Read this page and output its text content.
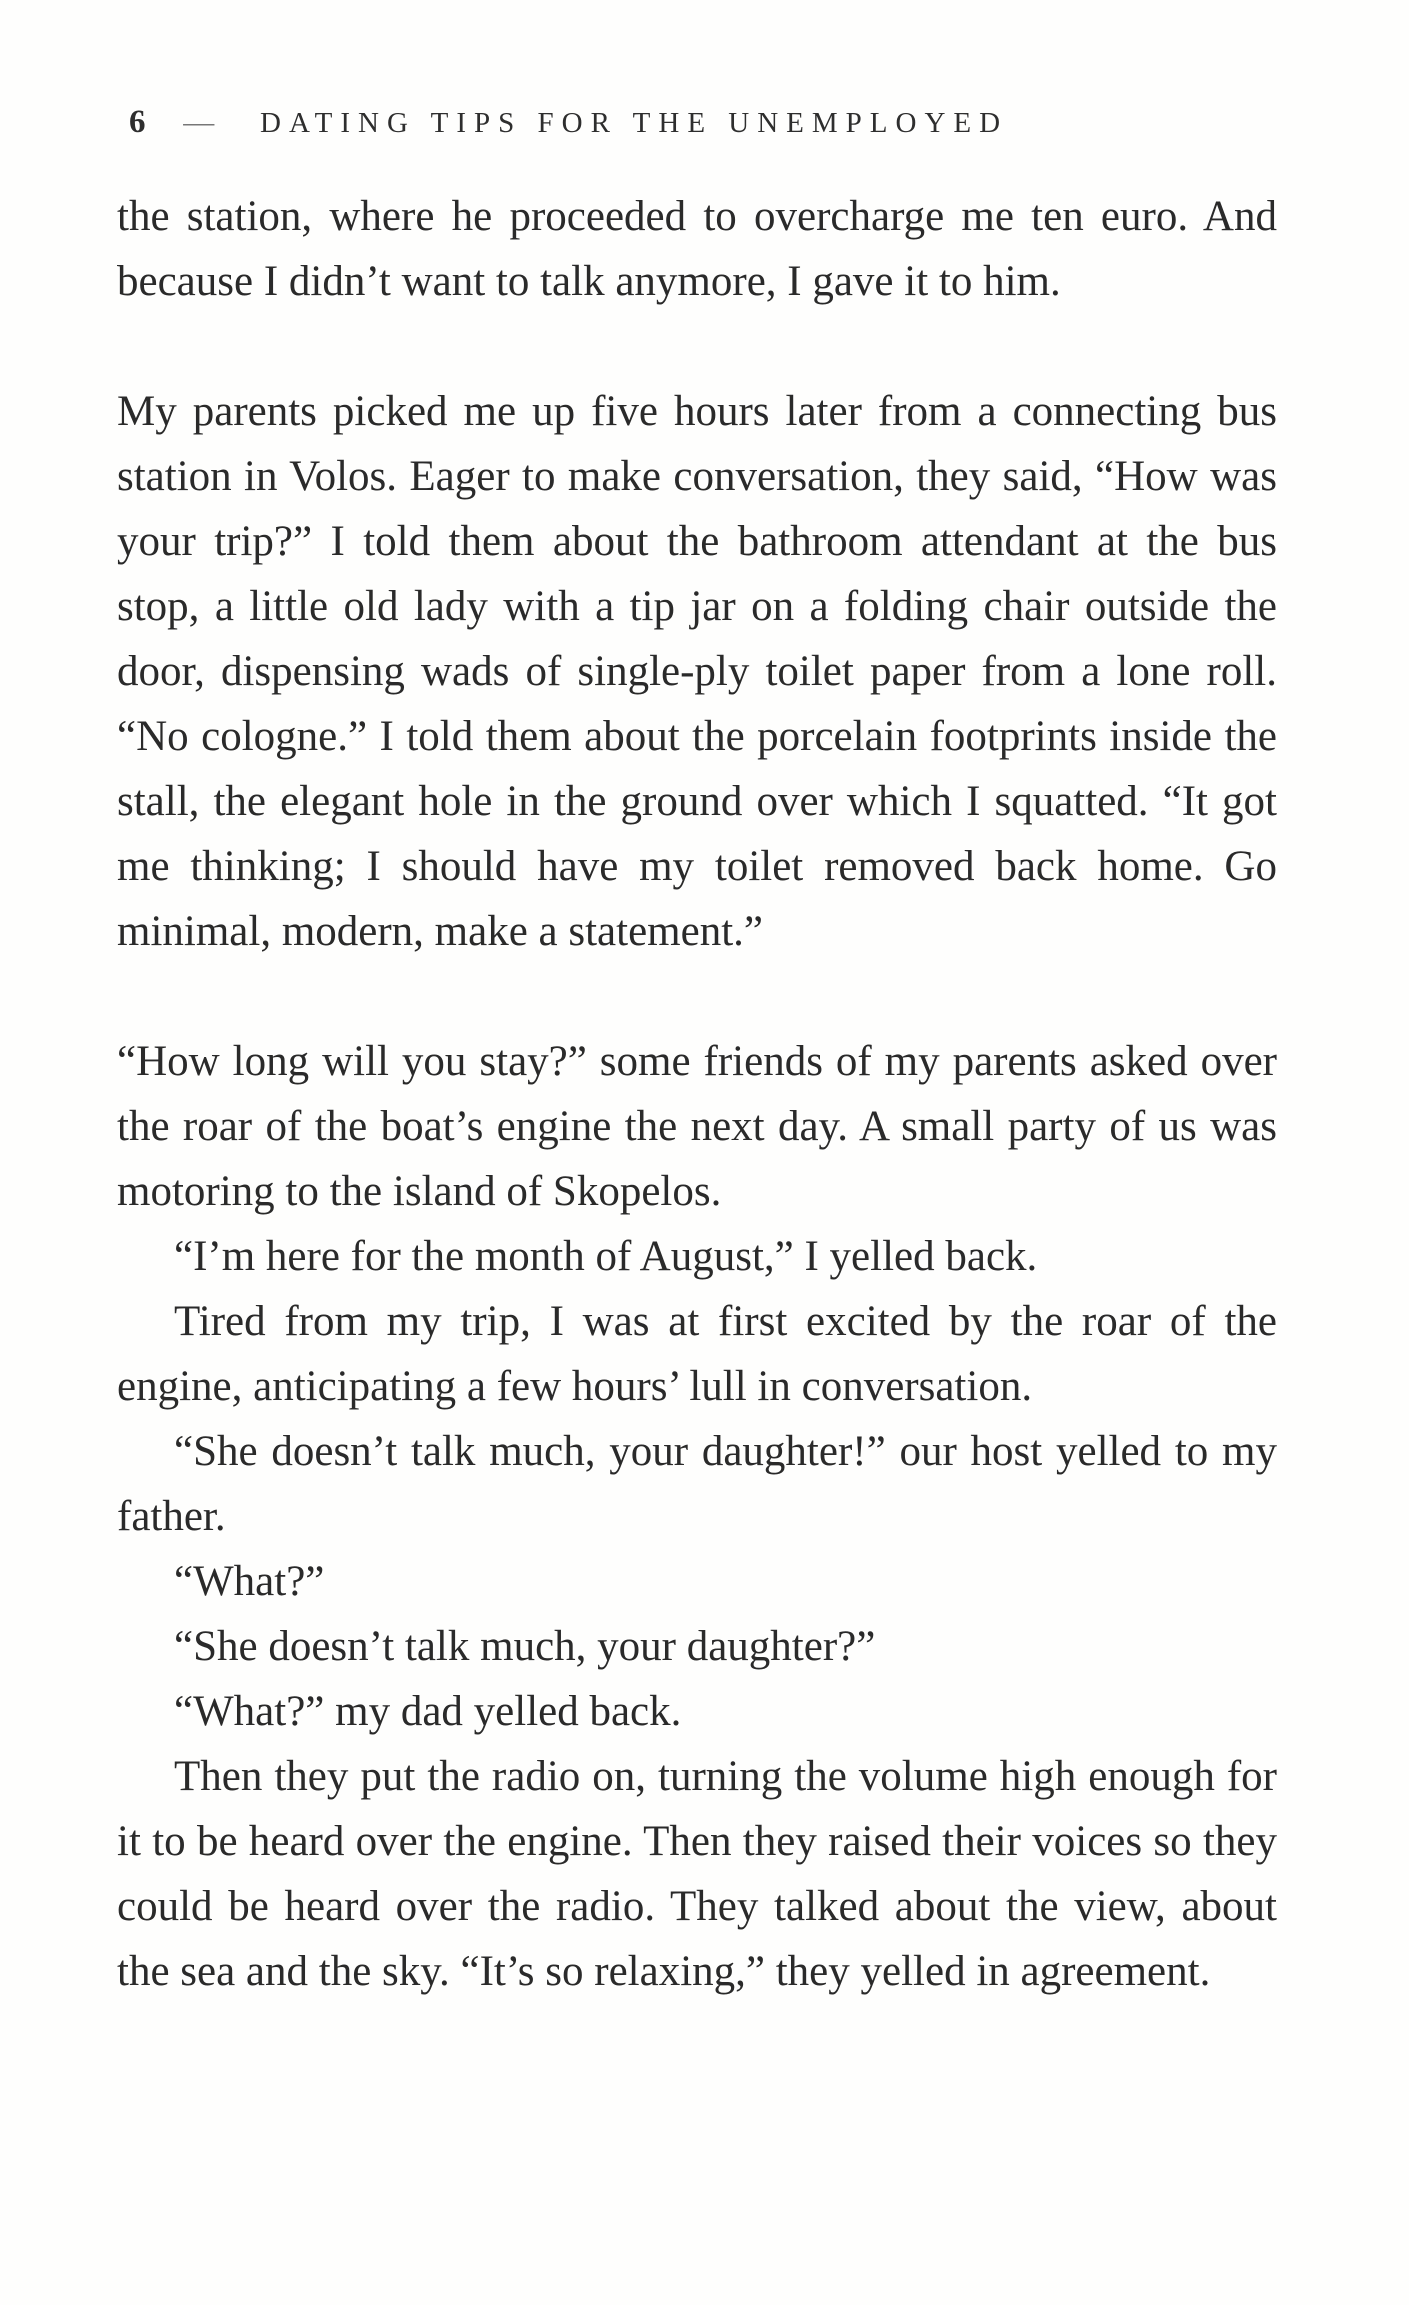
6 — DATING TIPS FOR THE UNEMPLOYED

the station, where he proceeded to overcharge me ten euro. And because I didn’t want to talk anymore, I gave it to him.

My parents picked me up five hours later from a connecting bus station in Volos. Eager to make conversation, they said, “How was your trip?” I told them about the bathroom attendant at the bus stop, a little old lady with a tip jar on a folding chair outside the door, dispensing wads of single-ply toilet paper from a lone roll. “No cologne.” I told them about the porcelain footprints inside the stall, the elegant hole in the ground over which I squatted. “It got me thinking; I should have my toilet removed back home. Go minimal, modern, make a statement.”

“How long will you stay?” some friends of my parents asked over the roar of the boat’s engine the next day. A small party of us was motoring to the island of Skopelos.

“I’m here for the month of August,” I yelled back.

Tired from my trip, I was at first excited by the roar of the engine, anticipating a few hours’ lull in conversation.

“She doesn’t talk much, your daughter!” our host yelled to my father.

“What?”

“She doesn’t talk much, your daughter?”

“What?” my dad yelled back.

Then they put the radio on, turning the volume high enough for it to be heard over the engine. Then they raised their voices so they could be heard over the radio. They talked about the view, about the sea and the sky. “It’s so relaxing,” they yelled in agreement.
